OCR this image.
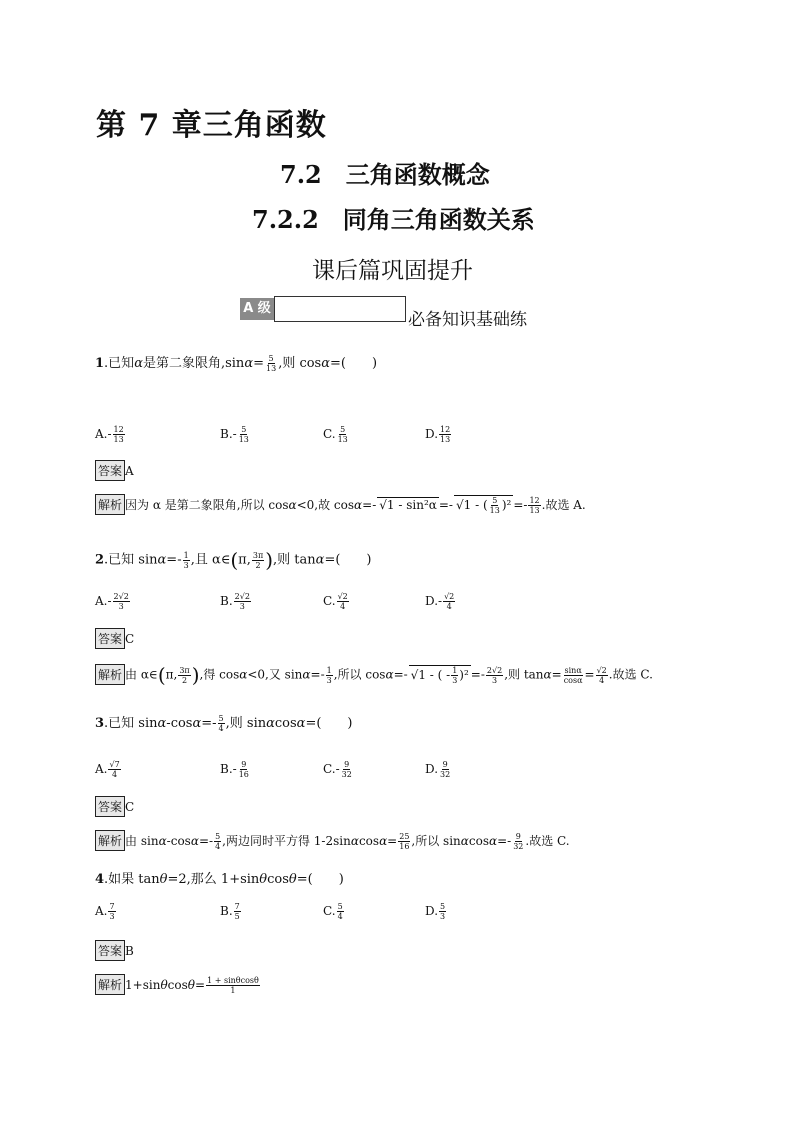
第 7 章三角函数
7.2　三角函数概念
7.2.2　同角三角函数关系
课后篇巩固提升
A 级
必备知识基础练
1.已知α是第二象限角$,\sin\alpha= \frac{5}{13}$ ,则 cosα=(　　)
$A.- \frac{12}{13}$	$B.- \frac{5}{13}$	C. $\frac{5}{13}$	D. $\frac{12}{13}$
答案 A
解析 因为 α 是第二象限角,所以 cosα<0,故 cosα=- √1 - sin²α =- √1 - ( $\frac{5}{13} )^2 =- \frac{12}{13}$ .故选 A.
2.已知 $\sin\alpha=- \frac{1}{3}$ ,且 α∈(π, $\frac{3\pi}{2}$ ),则 tanα=(　　)
$A.- \frac{2√2}{3}$	B. $\frac{2√2}{3}$	C. $\frac{√2}{4}$	$D.- \frac{√2}{4}$
答案 C
解析 由 α∈(π, $\frac{3\pi}{2}$ ),得 cosα<0,又 $\sin\alpha=- \frac{1}{3}$ ,所以 cosα=- √1 - ( - $\frac{1}{3} )^2 =- \frac{2√2}{3}$ ,则 $\tan\alpha= \frac{\sin\alpha}{\cos\alpha} = \frac{√2}{4}$ .故选 C.
3.已知 $\sin\alpha-\cos\alpha=- \frac{5}{4}$ ,则 sinαcosα=(　　)
A. $\frac{√7}{4}$	$B.- \frac{9}{16}$	$C.- \frac{9}{32}$	D. $\frac{9}{32}$
答案 C
解析 由 $\sin\alpha-\cos\alpha=- \frac{5}{4}$ ,两边同时平方得 $1-2\sin\alpha\cos\alpha= \frac{25}{16}$ ,所以 $\sin\alpha\cos\alpha=- \frac{9}{32}$ .故选 C.
4.如果 tanθ=2,那么 1+sinθcosθ=(　　)
A. $\frac{7}{3}$	B. $\frac{7}{5}$	C. $\frac{5}{4}$	D. $\frac{5}{3}$
答案 B
解析 $1+\sin\theta\cos\theta= \frac{1 + \sin\theta\cos\theta}{1}$
